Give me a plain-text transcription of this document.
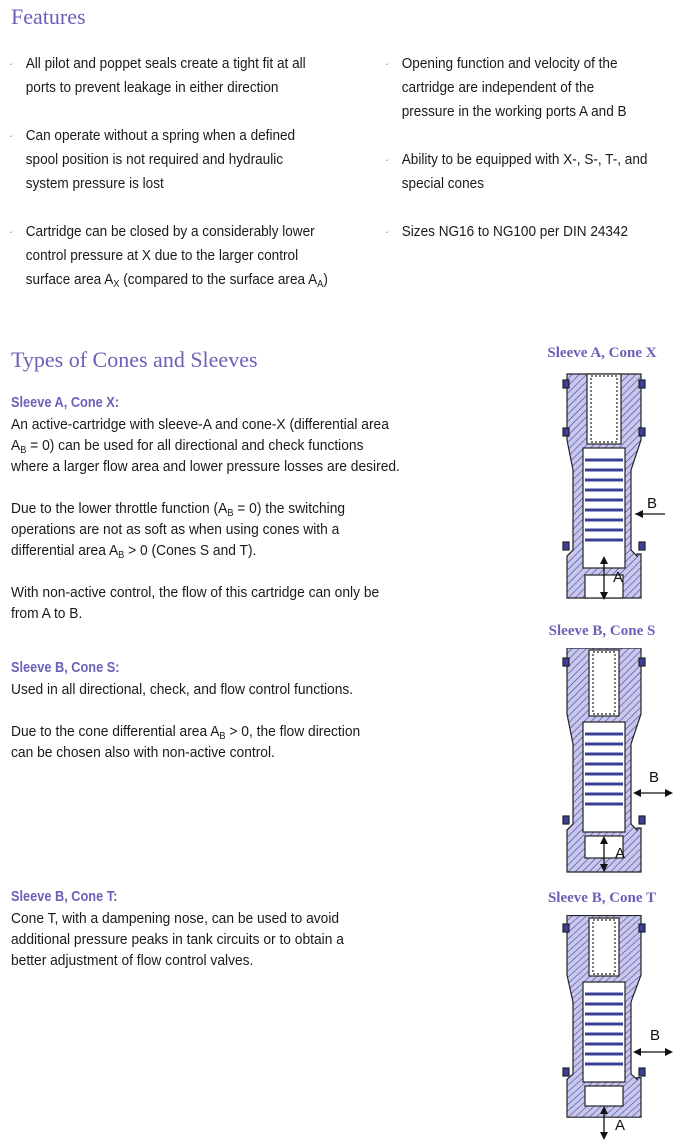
Features
· All pilot and poppet seals create a tight fit at all
ports to prevent leakage in either direction
· Can operate without a spring when a defined
spool position is not required and hydraulic
system pressure is lost
· Cartridge can be closed by a considerably lower
control pressure at X due to the larger control
surface area $A_X$ (compared to the surface area $A_A$)
· Opening function and velocity of the
cartridge are independent of the
pressure in the working ports A and B
· Ability to be equipped with X-, S-, T-, and
special cones
· Sizes NG16 to NG100 per DIN 24342
Types of Cones and Sleeves
Sleeve A, Cone X:
An active-cartridge with sleeve-A and cone-X (differential area
$A_B = 0$) can be used for all directional and check functions
where a larger flow area and lower pressure losses are desired.
Due to the lower throttle function $(A_B = 0)$ the switching
operations are not as soft as when using cones with a
differential area $A_B > 0$ (Cones S and T).
With non-active control, the flow of this cartridge can only be
from A to B.
Sleeve B, Cone S:
Used in all directional, check, and flow control functions.
Due to the cone differential area $A_B > 0$, the flow direction
can be chosen also with non-active control.
Sleeve B, Cone T:
Cone T, with a dampening nose, can be used to avoid
additional pressure peaks in tank circuits or to obtain a
better adjustment of flow control valves.
Sleeve A, Cone X
Sleeve B, Cone S
Sleeve B, Cone T
B
A
B
A
B
A
